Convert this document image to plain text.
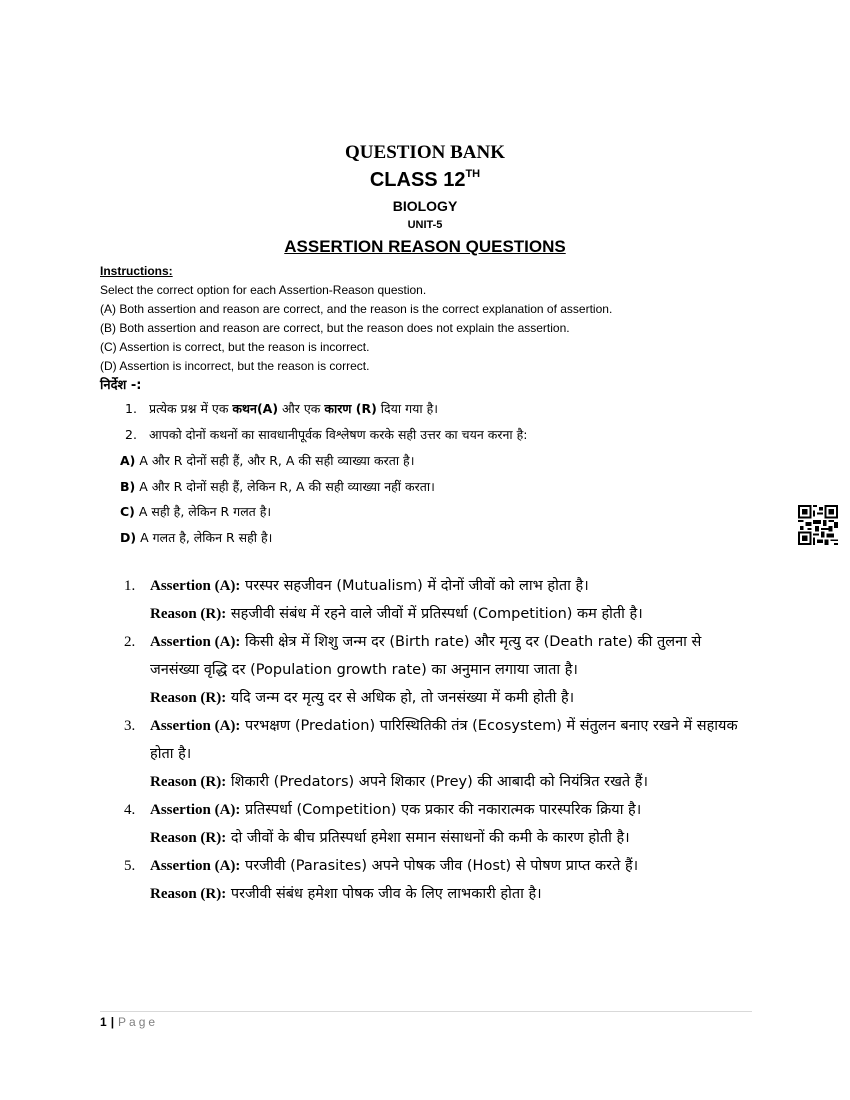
QUESTION BANK
CLASS 12TH
BIOLOGY
UNIT-5
ASSERTION REASON QUESTIONS
Instructions:
Select the correct option for each Assertion-Reason question.
(A) Both assertion and reason are correct, and the reason is the correct explanation of assertion.
(B) Both assertion and reason are correct, but the reason does not explain the assertion.
(C) Assertion is correct, but the reason is incorrect.
(D) Assertion is incorrect, but the reason is correct.
निर्देश -:
1. प्रत्येक प्रश्न में एक कथन(A) और एक कारण (R) दिया गया है।
2. आपको दोनों कथनों का सावधानीपूर्वक विश्लेषण करके सही उत्तर का चयन करना है:
A) A और R दोनों सही हैं, और R, A की सही व्याख्या करता है।
B) A और R दोनों सही हैं, लेकिन R, A की सही व्याख्या नहीं करता।
C) A सही है, लेकिन R गलत है।
D) A गलत है, लेकिन R सही है।
1. Assertion (A): परस्पर सहजीवन (Mutualism) में दोनों जीवों को लाभ होता है।
Reason (R): सहजीवी संबंध में रहने वाले जीवों में प्रतिस्पर्धा (Competition) कम होती है।
2. Assertion (A): किसी क्षेत्र में शिशु जन्म दर (Birth rate) और मृत्यु दर (Death rate) की तुलना से जनसंख्या वृद्धि दर (Population growth rate) का अनुमान लगाया जाता है।
Reason (R): यदि जन्म दर मृत्यु दर से अधिक हो, तो जनसंख्या में कमी होती है।
3. Assertion (A): परभक्षण (Predation) पारिस्थितिकी तंत्र (Ecosystem) में संतुलन बनाए रखने में सहायक होता है।
Reason (R): शिकारी (Predators) अपने शिकार (Prey) की आबादी को नियंत्रित रखते हैं।
4. Assertion (A): प्रतिस्पर्धा (Competition) एक प्रकार की नकारात्मक पारस्परिक क्रिया है।
Reason (R): दो जीवों के बीच प्रतिस्पर्धा हमेशा समान संसाधनों की कमी के कारण होती है।
5. Assertion (A): परजीवी (Parasites) अपने पोषक जीव (Host) से पोषण प्राप्त करते हैं।
Reason (R): परजीवी संबंध हमेशा पोषक जीव के लिए लाभकारी होता है।
1 | Page
